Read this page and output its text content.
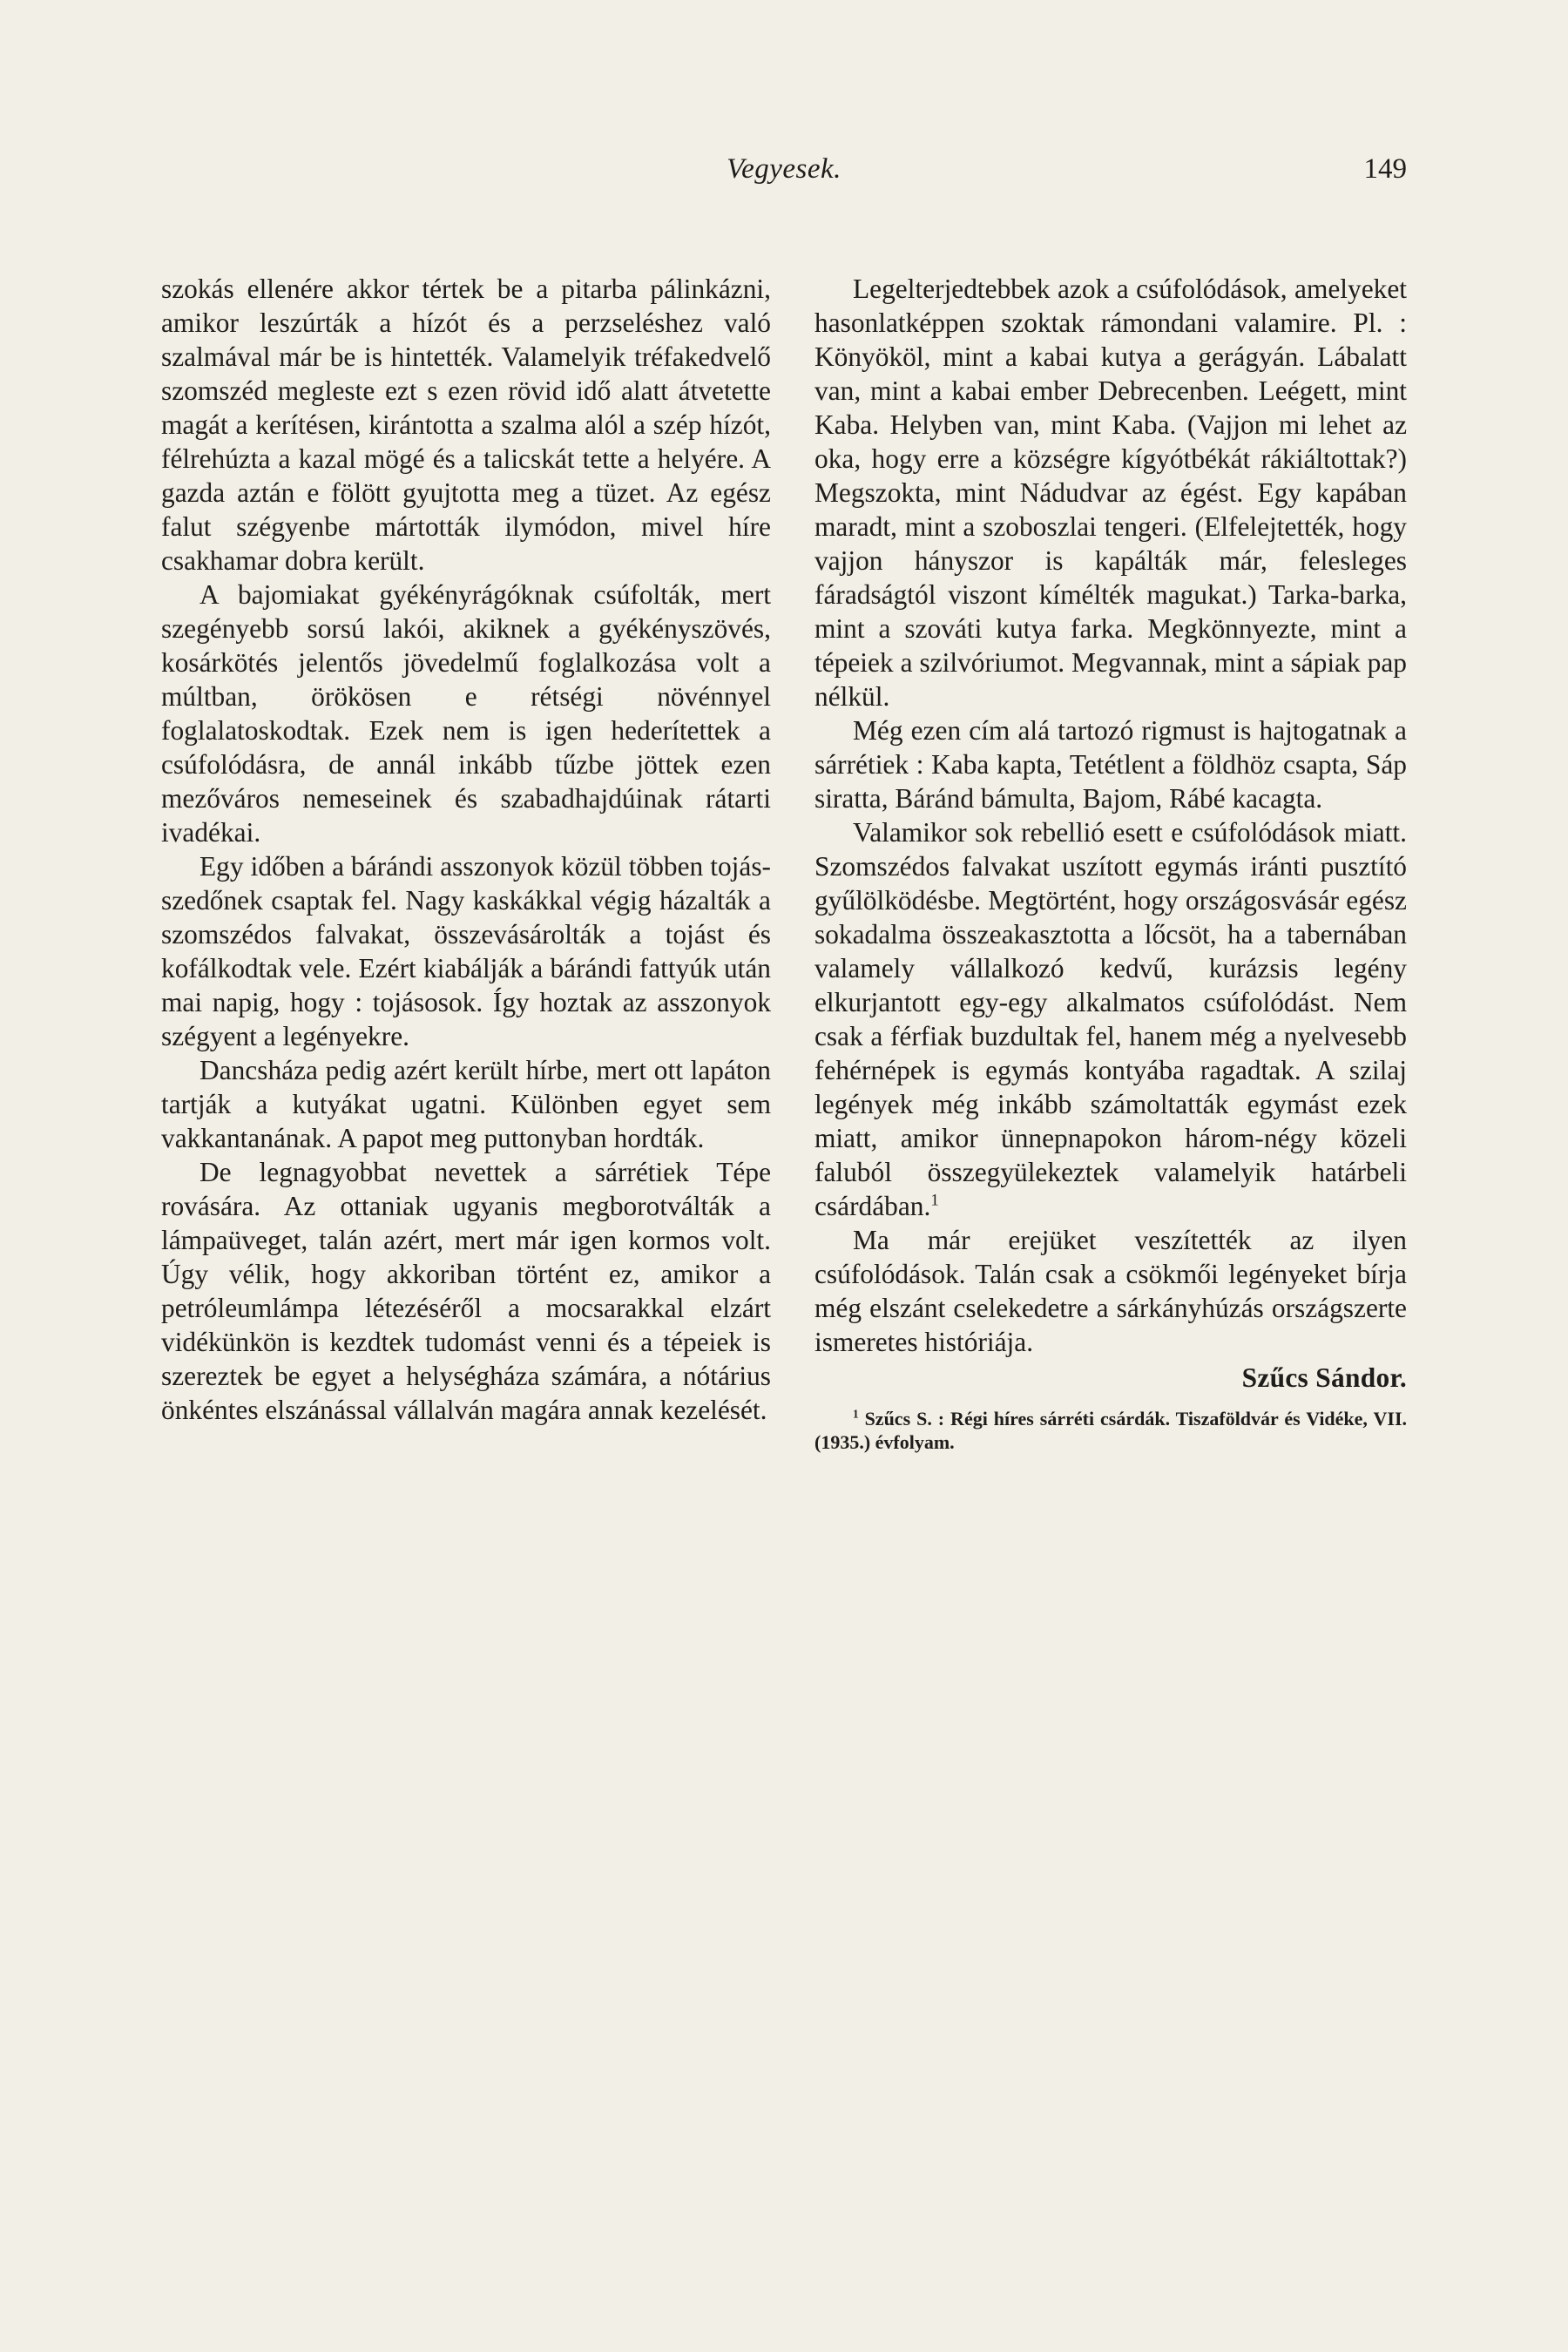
Vegyesek.	149

szokás ellenére akkor tértek be a pitarba pálinkázni, amikor leszúrták a hízót és a perzseléshez való szalmával már be is hintették. Valamelyik tréfakedvelő szomszéd megleste ezt s ezen rövid idő alatt átvetette magát a kerítésen, kirántotta a szalma alól a szép hízót, félrehúzta a kazal mögé és a talicskát tette a helyére. A gazda aztán e fölött gyujtotta meg a tüzet. Az egész falut szégyenbe mártották ilymódon, mivel híre csakhamar dobra került.

A bajomiakat gyékényrágóknak csúfolták, mert szegényebb sorsú lakói, akiknek a gyékényszövés, kosárkötés jelentős jövedelmű foglalkozása volt a múltban, örökösen e rétségi növénnyel foglalatoskodtak. Ezek nem is igen hederítettek a csúfolódásra, de annál inkább tűzbe jöttek ezen mezőváros nemeseinek és szabadhajdúinak rátarti ivadékai.

Egy időben a bárándi asszonyok közül többen tojás-szedőnek csaptak fel. Nagy kaskákkal végig házalták a szomszédos falvakat, összevásárolták a tojást és kofálkodtak vele. Ezért kiabálják a bárándi fattyúk után mai napig, hogy : tojásosok. Így hoztak az asszonyok szégyent a legényekre.

Dancsháza pedig azért került hírbe, mert ott lapáton tartják a kutyákat ugatni. Különben egyet sem vakkantanának. A papot meg puttonyban hordták.

De legnagyobbat nevettek a sárrétiek Tépe rovására. Az ottaniak ugyanis megborotválták a lámpaüveget, talán azért, mert már igen kormos volt. Úgy vélik, hogy akkoriban történt ez, amikor a petróleumlámpa létezéséről a mocsarakkal elzárt vidékünkön is kezdtek tudomást venni és a tépeiek is szereztek be egyet a helységháza számára, a nótárius önkéntes elszánással vállalván magára annak kezelését.

Legelterjedtebbek azok a csúfolódások, amelyeket hasonlatképpen szoktak rámondani valamire. Pl. : Könyököl, mint a kabai kutya a gerágyán. Lábalatt van, mint a kabai ember Debrecenben. Leégett, mint Kaba. Helyben van, mint Kaba. (Vajjon mi lehet az oka, hogy erre a községre kígyótbékát rákiáltottak?) Megszokta, mint Nádudvar az égést. Egy kapában maradt, mint a szoboszlai tengeri. (Elfelejtették, hogy vajjon hányszor is kapálták már, felesleges fáradságtól viszont kímélték magukat.) Tarka-barka, mint a szováti kutya farka. Megkönnyezte, mint a tépeiek a szilvóriumot. Megvannak, mint a sápiak pap nélkül.

Még ezen cím alá tartozó rigmust is hajtogatnak a sárrétiek : Kaba kapta, Tetétlent a földhöz csapta, Sáp siratta, Báránd bámulta, Bajom, Rábé kacagta.

Valamikor sok rebellió esett e csúfolódások miatt. Szomszédos falvakat uszított egymás iránti pusztító gyűlölködésbe. Megtörtént, hogy országosvásár egész sokadalma összeakasztotta a lőcsöt, ha a tabernában valamely vállalkozó kedvű, kurázsis legény elkurjantott egy-egy alkalmatos csúfolódást. Nem csak a férfiak buzdultak fel, hanem még a nyelvesebb fehérnépek is egymás kontyába ragadtak. A szilaj legények még inkább számoltatták egymást ezek miatt, amikor ünnepnapokon három-négy közeli faluból összegyülekeztek valamelyik határbeli csárdában.$^1$

Ma már erejüket veszítették az ilyen csúfolódások. Talán csak a csökmői legényeket bírja még elszánt cselekedetre a sárkányhúzás országszerte ismeretes históriája.

Szűcs Sándor.
$^1$ Szűcs S. : Régi híres sárréti csárdák. Tiszaföldvár és Vidéke, VII. (1935.) évfolyam.
